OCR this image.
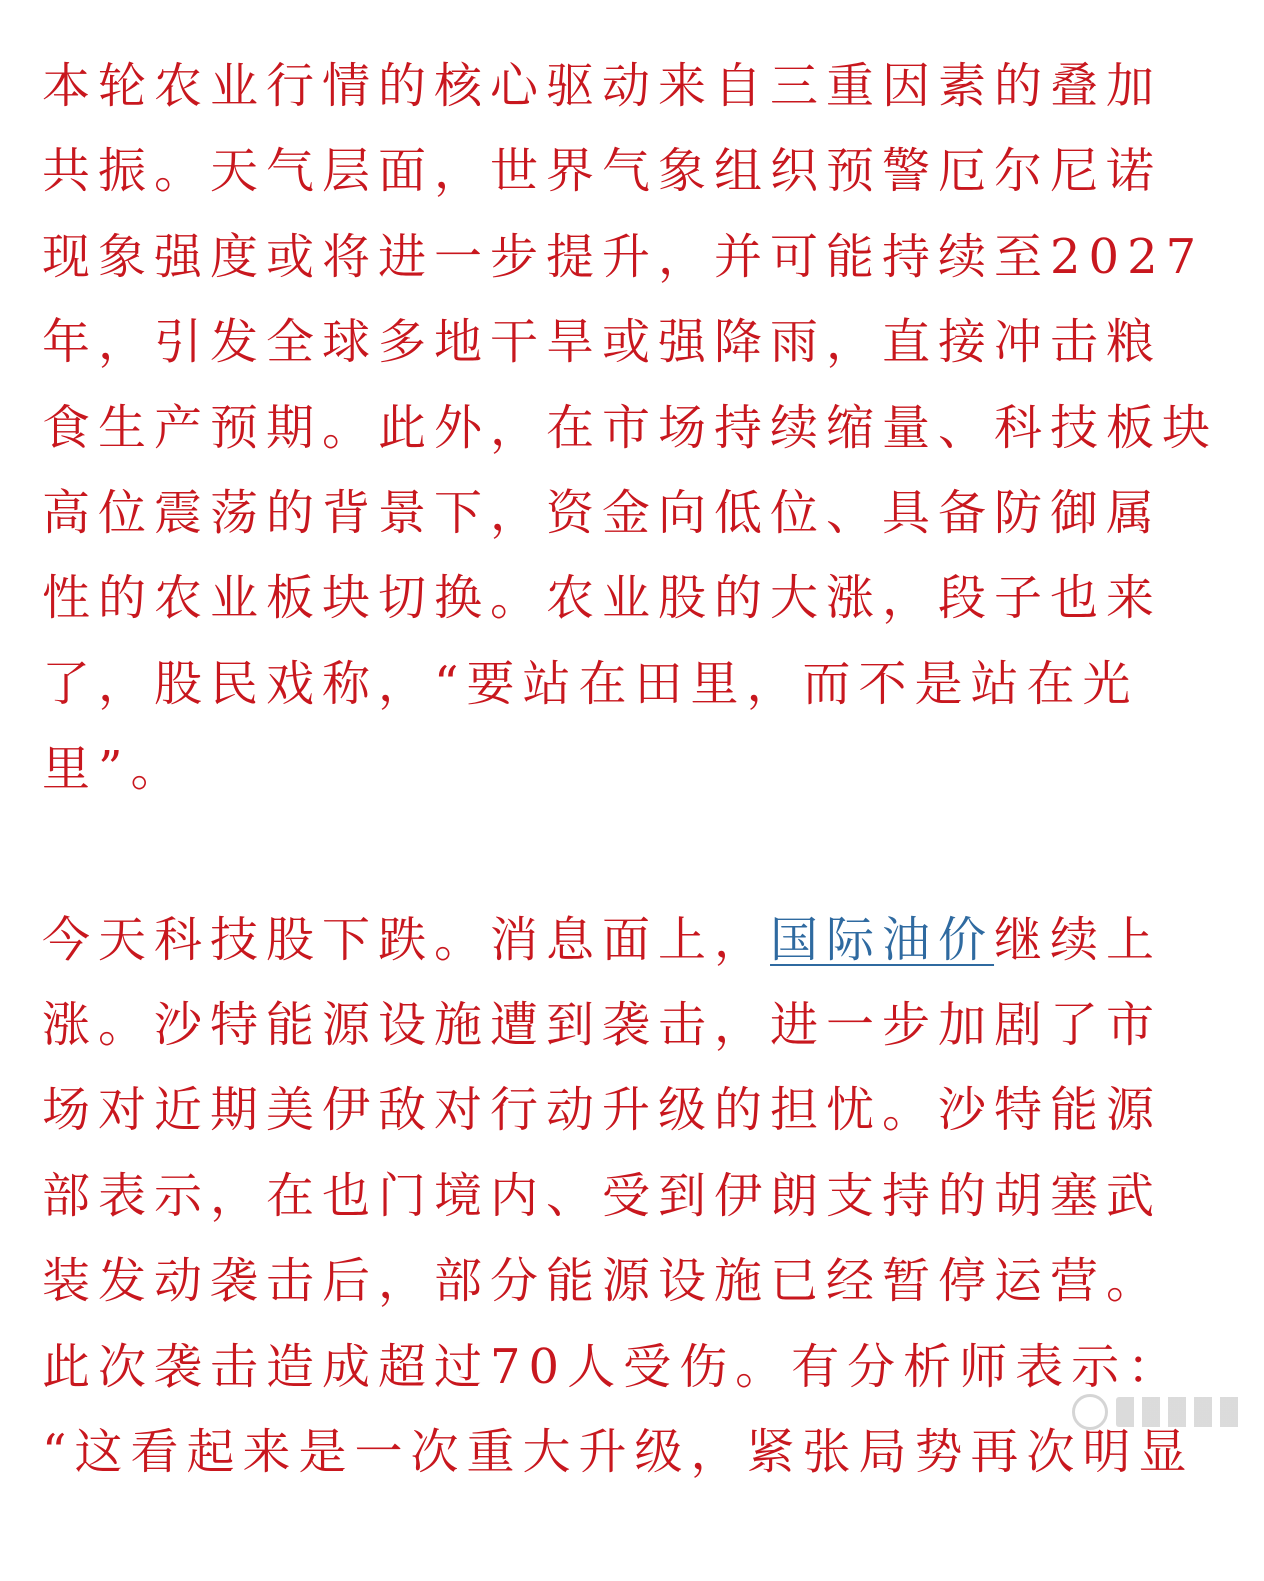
本轮农业行情的核心驱动来自三重因素的叠加
共振。天气层面，世界气象组织预警厄尔尼诺
现象强度或将进一步提升，并可能持续至2027
年，引发全球多地干旱或强降雨，直接冲击粮
食生产预期。此外，在市场持续缩量、科技板块
高位震荡的背景下，资金向低位、具备防御属
性的农业板块切换。农业股的大涨，段子也来
了，股民戏称，“要站在田里，而不是站在光里”。
今天科技股下跌。消息面上，国际油价继续上
涨。沙特能源设施遭到袭击，进一步加剧了市
场对近期美伊敌对行动升级的担忧。沙特能源
部表示，在也门境内、受到伊朗支持的胡塞武
装发动袭击后，部分能源设施已经暂停运营。
此次袭击造成超过70人受伤。有分析师表示：
“这看起来是一次重大升级，紧张局势再次明显
